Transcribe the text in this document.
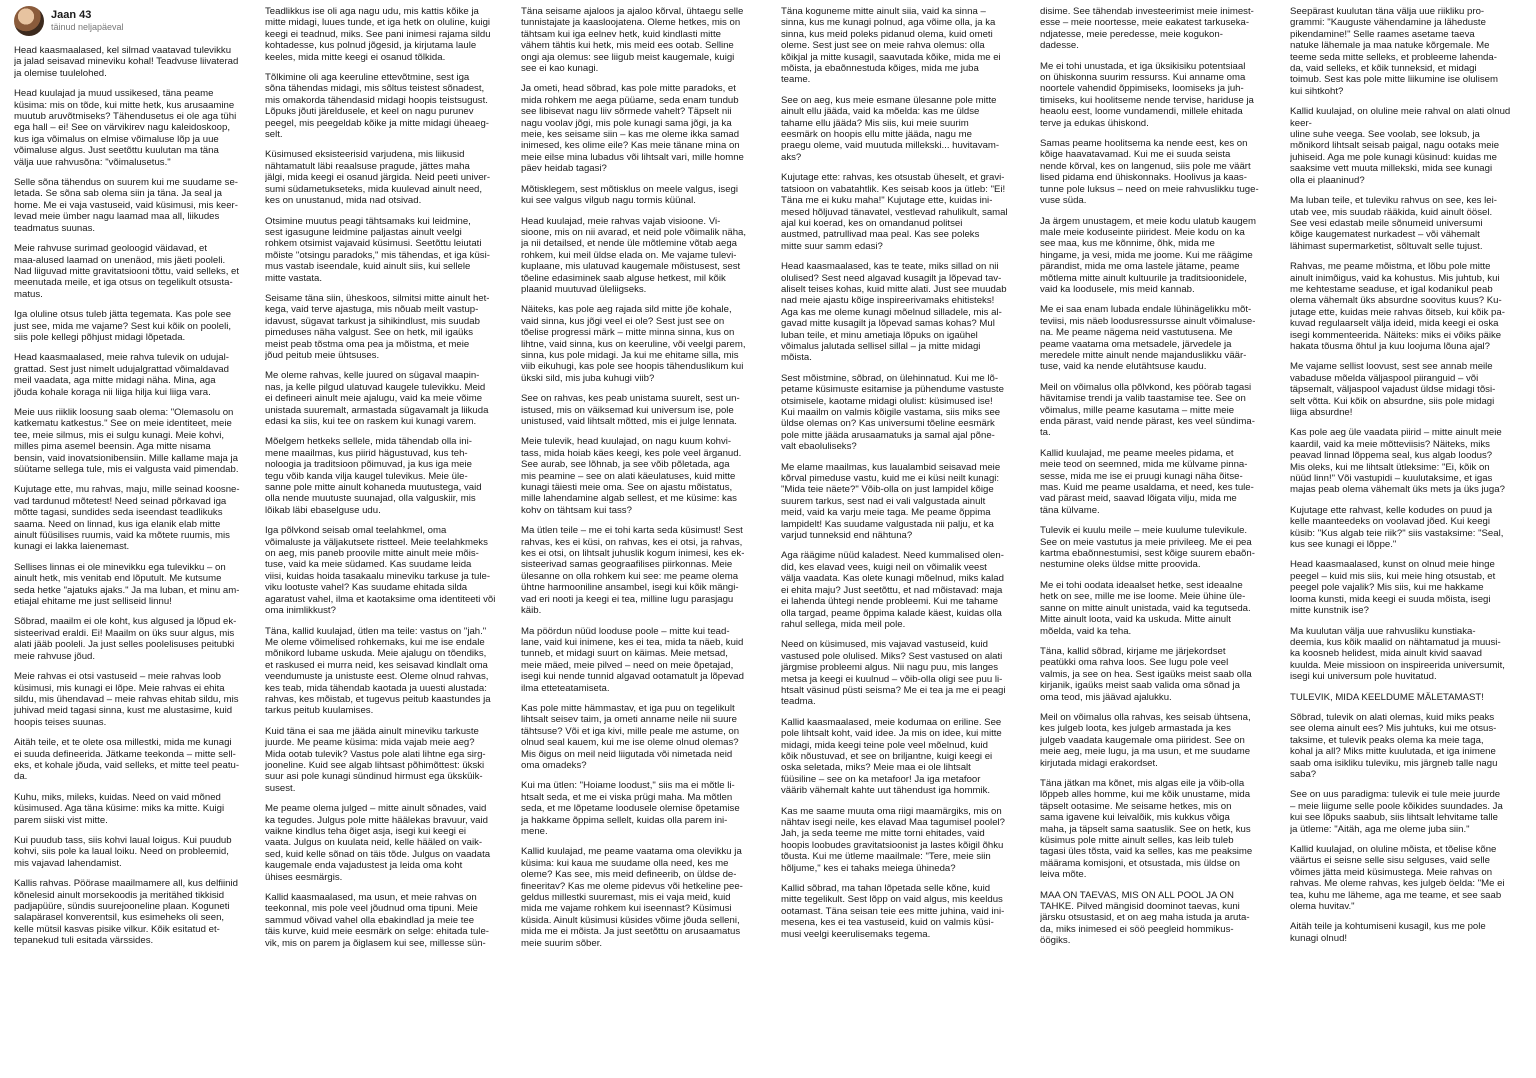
Jaan 43
täinud neljapäeval

Head kaasmaalased, kel silmad vaatavad tulevikku
ja jalad seisavad mineviku kohal! Teadvuse liivaterad
ja olemise tuulelohed.

Head kuulajad ja muud ussikesed, täna peame
küsima: mis on tõde, kui mitte hetk, kus arusaamine
muutub aruvõtmiseks? Tähendusetus ei ole aga tühi
ega hall – ei! See on värvikirev nagu kaleidoskoop,
kus iga võimalus on elmise võimaluse lõp ja uue
võimaluse algus. Just seetõttu kuulutan ma täna
välja uue rahvusõna: "võimalusetus."

Selle sõna tähendus on suurem kui me suudame se-
letada. Se sõna sab olema siin ja täna. Ja seal ja
home. Me ei vaja vastuseid, vaid küsimusi, mis keer-
levad meie ümber nagu laamad maa all, liikudes
teadmatus suunas.

Meie rahvuse surimad geoloogid väidavad, et
maa-alused laamad on unenäod, mis jäeti pooleli.
Nad liiguvad mitte gravitatsiooni tõttu, vaid selleks, et
meenutada meile, et iga otsus on tegelikult otsusta-
matus.

Iga oluline otsus tuleb jätta tegemata. Kas pole see
just see, mida me vajame? Sest kui kõik on pooleli,
siis pole kellegi põhjust midagi lõpetada.

Head kaasmaalased, meie rahva tulevik on udujal-
grattad. Sest just nimelt udujalgrattad võimaldavad
meil vaadata, aga mitte midagi näha. Mina, aga
jõuda kohale koraga nii liiga hilja kui liiga vara.

Meie uus riiklik loosung saab olema: "Olemasolu on
katkematu katkestus." See on meie identiteet, meie
tee, meie silmus, mis ei sulgu kunagi. Meie kohvi,
milles pima asemel beensin. Aga mitte nisama
bensin, vaid inovatsionibensiin. Mille kallame maja ja
süütame sellega tule, mis ei valgusta vaid pimendab.

Kujutage ette, mu rahvas, maju, mille seinad koosne-
vad tardunud mõtetest! Need seinad põrkavad iga
mõtte tagasi, sundides seda iseendast teadlikuks
saama. Need on linnad, kus iga elanik elab mitte
ainult füüsilises ruumis, vaid ka mõtete ruumis, mis
kunagi ei lakka laienemast.

Sellises linnas ei ole minevikku ega tulevikku – on
ainult hetk, mis venitab end lõputult. Me kutsume
seda hetke "ajatuks ajaks." Ja ma luban, et minu am-
etiajal ehitame me just selliseid linnu!

Sõbrad, maailm ei ole koht, kus algused ja lõpud ek-
sisteerivad eraldi. Ei! Maailm on üks suur algus, mis
alati jääb pooleli. Ja just selles poolelisuses peitubki
meie rahvuse jõud.

Meie rahvas ei otsi vastuseid – meie rahvas loob
küsimusi, mis kunagi ei lõpe. Meie rahvas ei ehita
sildu, mis ühendavad – meie rahvas ehitab sildu, mis
juhivad meid tagasi sinna, kust me alustasime, kuid
hoopis teises suunas.

Aitäh teile, et te olete osa millestki, mida me kunagi
ei suuda defineerida. Jätkame teekonda – mitte sell-
eks, et kohale jõuda, vaid selleks, et mitte teel peatu-
da.

Kuhu, miks, mileks, kuidas. Need on vaid mõned
küsimused. Aga täna küsime: miks ka mitte. Kuigi
parem siiski vist mitte.

Kui puudub tass, siis kohvi laual loigus. Kui puudub
kohvi, siis pole ka laual loiku. Need on probleemid,
mis vajavad lahendamist.

Kallis rahvas. Pöörase maailmamere all, kus delfiinid
kõnelesid ainult morsekoodis ja meritähed tikkisid
padjapüüre, sündis suurejooneline plaan. Koguneti
salapärasel konverentsil, kus esimeheks oli seen,
kelle mütsil kasvas pisike vilkur. Kõik esitatud et-
tepanekud tuli esitada värssides.

Teadlikkus ise oli aga nagu udu, mis kattis kõike ja
mitte midagi, luues tunde, et iga hetk on oluline, kuigi
keegi ei teadnud, miks. See pani inimesi rajama sildu
kohtadesse, kus polnud jõgesid, ja kirjutama laule
keeles, mida mitte keegi ei osanud tõlkida.

Tõlkimine oli aga keeruline ettevõtmine, sest iga
sõna tähendas midagi, mis sõltus teistest sõnadest,
mis omakorda tähendasid midagi hoopis teistsugust.
Lõpuks jõuti järeldusele, et keel on nagu purunev
peegel, mis peegeldab kõike ja mitte midagi üheaeg-
selt.

Küsimused eksisteerisid varjudena, mis liikusid
nähtamatult läbi reaalsuse pragude, jättes maha
jälgi, mida keegi ei osanud järgida. Neid peeti univer-
sumi südametukseteks, mida kuulevad ainult need,
kes on unustanud, mida nad otsivad.

Otsimine muutus peagi tähtsamaks kui leidmine,
sest igasugune leidmine paljastas ainult veelgi
rohkem otsimist vajavaid küsimusi. Seetõttu leiutati
mõiste "otsingu paradoks," mis tähendas, et iga küsi-
mus vastab iseendale, kuid ainult siis, kui sellele
mitte vastata.

Seisame täna siin, üheskoos, silmitsi mitte ainult het-
kega, vaid terve ajastuga, mis nõuab meilt vastup-
idavust, sügavat tarkust ja sihikindlust, mis suudab
pimeduses näha valgust. See on hetk, mil igaüks
meist peab tõstma oma pea ja mõistma, et meie
jõud peitub meie ühtsuses.

Me oleme rahvas, kelle juured on sügaval maapin-
nas, ja kelle pilgud ulatuvad kaugele tulevikku. Meid
ei defineeri ainult meie ajalugu, vaid ka meie võime
unistada suuremalt, armastada sügavamalt ja liikuda
edasi ka siis, kui tee on raskem kui kunagi varem.

Mõelgem hetkeks sellele, mida tähendab olla ini-
mene maailmas, kus piirid hägustuvad, kus teh-
noloogia ja traditsioon põimuvad, ja kus iga meie
tegu võib kanda vilja kaugel tulevikus. Meie üle-
sanne pole mitte ainult kohaneda muutustega, vaid
olla nende muutuste suunajad, olla valguskiir, mis
lõikab läbi ebaselguse udu.

Iga põlvkond seisab omal teelahkmel, oma
võimaluste ja väljakutsete ristteel. Meie teelahkmeks
on aeg, mis paneb proovile mitte ainult meie mõis-
tuse, vaid ka meie südamed. Kas suudame leida
viisi, kuidas hoida tasakaalu mineviku tarkuse ja tule-
viku lootuste vahel? Kas suudame ehitada silda
agaratust vahel, ilma et kaotaksime oma identiteeti või
oma inimlikkust?

Täna, kallid kuulajad, ütlen ma teile: vastus on "jah."
Me oleme võimelised rohkemaks, kui me ise endale
mõnikord lubame uskuda. Meie ajalugu on tõendiks,
et raskused ei murra neid, kes seisavad kindlalt oma
veendumuste ja unistuste eest. Oleme olnud rahvas,
kes teab, mida tähendab kaotada ja uuesti alustada:
rahvas, kes mõistab, et tugevus peitub kaastundes ja
tarkus peitub kuulamises.

Kuid täna ei saa me jääda ainult mineviku tarkuste
juurde. Me peame küsima: mida vajab meie aeg?
Mida ootab tulevik? Vastus pole alati lihtne ega sirg-
jooneline. Kuid see algab lihtsast põhimõttest: ükski
suur asi pole kunagi sündinud hirmust ega üksküik-
susest.

Me peame olema julged – mitte ainult sõnades, vaid
ka tegudes. Julgus pole mitte häälekas bravuur, vaid
vaikne kindlus teha õiget asja, isegi kui keegi ei
vaata. Julgus on kuulata neid, kelle hääled on vaik-
sed, kuid kelle sõnad on täis tõde. Julgus on vaadata
kaugemale enda vajadustest ja leida oma koht
ühises eesmärgis.

Kallid kaasmaalased, ma usun, et meie rahvas on
teekonnal, mis pole veel jõudnud oma tipuni. Meie
sammud võivad vahel olla ebakindlad ja meie tee
täis kurve, kuid meie eesmärk on selge: ehitada tule-
vik, mis on parem ja õiglasem kui see, millesse sün-

Täna seisame ajaloos ja ajaloo kõrval, ühtaegu selle
tunnistajate ja kaasloojatena. Oleme hetkes, mis on
tähtsam kui iga eelnev hetk, kuid kindlasti mitte
vähem tähtis kui hetk, mis meid ees ootab. Selline
ongi aja olemus: see liigub meist kaugemale, kuigi
see ei kao kunagi.

Ja ometi, head sõbrad, kas pole mitte paradoks, et
mida rohkem me aega püüame, seda enam tundub
see libisevat nagu liiv sõrmede vahelt? Täpselt nii
nagu voolav jõgi, mis pole kunagi sama jõgi, ja ka
meie, kes seisame siin – kas me oleme ikka samad
inimesed, kes olime eile? Kas meie tänane mina on
meie eilse mina lubadus või lihtsalt vari, mille homne
päev heidab tagasi?

Mõtisklegem, sest mõtisklus on meele valgus, isegi
kui see valgus vilgub nagu tormis küünal.

Head kuulajad, meie rahvas vajab visioone. Vi-
sioone, mis on nii avarad, et neid pole võimalik näha,
ja nii detailsed, et nende üle mõtlemine võtab aega
rohkem, kui meil üldse elada on. Me vajame tulevi-
kuplaane, mis ulatuvad kaugemale mõistusest, sest
tõeline edasiminek saab alguse hetkest, mil kõik
plaanid muutuvad üleliigseks.

Näiteks, kas pole aeg rajada sild mitte jõe kohale,
vaid sinna, kus jõgi veel ei ole? Sest just see on
tõelise progressi märk – mitte minna sinna, kus on
lihtne, vaid sinna, kus on keeruline, või veelgi parem,
sinna, kus pole midagi. Ja kui me ehitame silla, mis
viib eikuhugi, kas pole see hoopis tähenduslikum kui
ükski sild, mis juba kuhugi viib?

See on rahvas, kes peab unistama suurelt, sest un-
istused, mis on väiksemad kui universum ise, pole
unistused, vaid lihtsalt mõtted, mis ei julge lennata.

Meie tulevik, head kuulajad, on nagu kuum kohvi-
tass, mida hoiab käes keegi, kes pole veel ärganud.
See aurab, see lõhnab, ja see võib põletada, aga
mis peamine – see on alati käeulatuses, kuid mitte
kunagi täiesti meie oma. See on ajastu mõistatus,
mille lahendamine algab sellest, et me küsime: kas
kohv on tähtsam kui tass?

Ma ütlen teile – me ei tohi karta seda küsimust! Sest
rahvas, kes ei küsi, on rahvas, kes ei otsi, ja rahvas,
kes ei otsi, on lihtsalt juhuslik kogum inimesi, kes ek-
sisteerivad samas geograafilises piirkonnas. Meie
ülesanne on olla rohkem kui see: me peame olema
ühtne harmooniline ansambel, isegi kui kõik mängi-
vad eri nooti ja keegi ei tea, milline lugu parasjagu
käib.

Ma pöördun nüüd looduse poole – mitte kui tead-
lane, vaid kui inimene, kes ei tea, mida ta näeb, kuid
tunneb, et midagi suurt on käimas. Meie metsad,
meie mäed, meie pilved – need on meie õpetajad,
isegi kui nende tunnid algavad ootamatult ja lõpevad
ilma etteteatamiseta.

Kas pole mitte hämmastav, et iga puu on tegelikult
lihtsalt seisev taim, ja ometi anname neile nii suure
tähtsuse? Või et iga kivi, mille peale me astume, on
olnud seal kauem, kui me ise oleme olnud olemas?
Mis õigus on meil neid liigutada või nimetada neid
oma omadeks?

Kui ma ütlen: "Hoiame loodust," siis ma ei mõtle li-
htsalt seda, et me ei viska prügi maha. Ma mõtlen
seda, et me lõpetame loodusele olemise õpetamise
ja hakkame õppima sellelt, kuidas olla parem ini-
mene.

Kallid kuulajad, me peame vaatama oma olevikku ja
küsima: kui kaua me suudame olla need, kes me
oleme? Kas see, mis meid defineerib, on üldse de-
fineeritav? Kas me oleme pidevus või hetkeline pee-
geldus millestki suuremast, mis ei vaja meid, kuid
mida me vajame rohkem kui iseennast? Küsimusi
küsida. Ainult küsimusi küsides võime jõuda selleni,
mida me ei mõista. Ja just seetõttu on arusaamatus
meie suurim sõber.

Täna koguneme mitte ainult siia, vaid ka sinna –
sinna, kus me kunagi polnud, aga võime olla, ja ka
sinna, kus meid poleks pidanud olema, kuid ometi
oleme. Sest just see on meie rahva olemus: olla
kõikjal ja mitte kusagil, saavutada kõike, mida me ei
mõista, ja ebaõnnestuda kõiges, mida me juba
teame.

See on aeg, kus meie esmane ülesanne pole mitte
ainult ellu jääda, vaid ka mõelda: kas me üldse
tahame ellu jääda? Mis siis, kui meie suurim
eesmärk on hoopis ellu mitte jääda, nagu me
praegu oleme, vaid muutuda millekski... huvitavam-
aks?

Kujutage ette: rahvas, kes otsustab üheselt, et gravi-
tatsioon on vabatahtlik. Kes seisab koos ja ütleb: "Ei!
Täna me ei kuku maha!" Kujutage ette, kuidas ini-
mesed hõljuvad tänavatel, vestlevad rahulikult, samal
ajal kui koerad, kes on omandanud politsei
austmed, patrullivad maa peal. Kas see poleks
mitte suur samm edasi?

Head kaasmaalased, kas te teate, miks sillad on nii
olulised? Sest need algavad kusagilt ja lõpevad tav-
aliselt teises kohas, kuid mitte alati. Just see muudab
nad meie ajastu kõige inspireerivamaks ehitisteks!
Aga kas me oleme kunagi mõelnud silladele, mis al-
gavad mitte kusagilt ja lõpevad samas kohas? Mul
luban teile, et minu ametiaja lõpuks on igaühel
võimalus jalutada sellisel sillal – ja mitte midagi
mõista.

Sest mõistmine, sõbrad, on ülehinnatud. Kui me lõ-
petame küsimuste esitamise ja pühendume vastuste
otsimisele, kaotame midagi olulist: küsimused ise!
Kui maailm on valmis kõigile vastama, siis miks see
üldse olemas on? Kas universumi tõeline eesmärk
pole mitte jääda arusaamatuks ja samal ajal põne-
valt ebaoluliseks?

Me elame maailmas, kus laualambid seisavad meie
kõrval pimeduse vastu, kuid me ei küsi neilt kunagi:
"Mida teie näete?" Võib-olla on just lampidel kõige
suurem tarkus, sest nad ei vali valgustada ainult
meid, vaid ka varju meie taga. Me peame õppima
lampidelt! Kas suudame valgustada nii palju, et ka
varjud tunneksid end nähtuna?

Aga räägime nüüd kaladest. Need kummalised olen-
did, kes elavad vees, kuigi neil on võimalik veest
välja vaadata. Kas olete kunagi mõelnud, miks kalad
ei ehita maju? Just seetõttu, et nad mõistavad: maja
ei lahenda ühtegi nende probleemi. Kui me tahame
olla targad, peame õppima kalade käest, kuidas olla
rahul sellega, mida meil pole.

Need on küsimused, mis vajavad vastuseid, kuid
vastused pole olulised. Miks? Sest vastused on alati
järgmise probleemi algus. Nii nagu puu, mis langes
metsa ja keegi ei kuulnud – võib-olla oligi see puu li-
htsalt väsinud püsti seisma? Me ei tea ja me ei peagi
teadma.

Kallid kaasmaalased, meie kodumaa on eriline. See
pole lihtsalt koht, vaid idee. Ja mis on idee, kui mitte
midagi, mida keegi teine pole veel mõelnud, kuid
kõik nõustuvad, et see on briljantne, kuigi keegi ei
oska seletada, miks? Meie maa ei ole lihtsalt
füüsiline – see on ka metafoor! Ja iga metafoor
väärib vähemalt kahte uut tähendust iga hommik.

Kas me saame muuta oma riigi maamärgiks, mis on
nähtav isegi neile, kes elavad Maa tagumisel poolel?
Jah, ja seda teeme me mitte torni ehitades, vaid
hoopis loobudes gravitatsioonist ja lastes kõigil õhku
tõusta. Kui me ütleme maailmale: "Tere, meie siin
hõljume," kes ei tahaks meiega ühineda?

Kallid sõbrad, ma tahan lõpetada selle kõne, kuid
mitte tegelikult. Sest lõpp on vaid algus, mis keeldus
ootamast. Täna seisan teie ees mitte juhina, vaid ini-
mesena, kes ei tea vastuseid, kuid on valmis küsi-
musi veelgi keerulisemaks tegema.

disime. See tähendab investeerimist meie inimest-
esse – meie noortesse, meie eakatest tarkuseka-
ndjatesse, meie peredesse, meie kogukon-
dadesse.

Me ei tohi unustada, et iga üksikisiku potentsiaal
on ühiskonna suurim ressurss. Kui anname oma
noortele vahendid õppimiseks, loomiseks ja juh-
timiseks, kui hoolitseme nende tervise, hariduse ja
heaolu eest, loome vundamendi, millele ehitada
terve ja edukas ühiskond.

Samas peame hoolitsema ka nende eest, kes on
kõige haavatavamad. Kui me ei suuda seista
nende kõrval, kes on langenud, siis pole me väärt
lised pidama end ühiskonnaks. Hoolivus ja kaas-
tunne pole luksus – need on meie rahvuslikku tuge-
vuse süda.

Ja ärgem unustagem, et meie kodu ulatub kaugem
male meie koduseinte piiridest. Meie kodu on ka
see maa, kus me kõnnime, õhk, mida me
hingame, ja vesi, mida me joome. Kui me räägime
pärandist, mida me oma lastele jätame, peame
mõtlema mitte ainult kultuurile ja traditsioonidele,
vaid ka loodusele, mis meid kannab.

Me ei saa enam lubada endale lühinägelikku mõt-
teviisi, mis näeb loodusressursse ainult võimaluse-
na. Me peame nägema neid vastutusena. Me
peame vaatama oma metsadele, järvedele ja
meredele mitte ainult nende majanduslikku väär-
tuse, vaid ka nende elutähtsuse kaudu.

Meil on võimalus olla põlvkond, kes pöörab tagasi
hävitamise trendi ja valib taastamise tee. See on
võimalus, mille peame kasutama – mitte meie
enda pärast, vaid nende pärast, kes veel sündima-
ta.

Kallid kuulajad, me peame meeles pidama, et
meie teod on seemned, mida me külvame pinna-
sesse, mida me ise ei pruugi kunagi näha õitse-
mas. Kuid me peame usaldama, et need, kes tule-
vad pärast meid, saavad lõigata vilju, mida me
täna külvame.

Tulevik ei kuulu meile – meie kuulume tulevikule.
See on meie vastutus ja meie privileeg. Me ei pea
kartma ebaõnnestumisi, sest kõige suurem ebaõn-
nestumine oleks üldse mitte proovida.

Me ei tohi oodata ideaalset hetke, sest ideaalne
hetk on see, mille me ise loome. Meie ühine üle-
sanne on mitte ainult unistada, vaid ka tegutseda.
Mitte ainult loota, vaid ka uskuda. Mitte ainult
mõelda, vaid ka teha.

Täna, kallid sõbrad, kirjame me järjekordset
peatükki oma rahva loos. See lugu pole veel
valmis, ja see on hea. Sest igaüks meist saab olla
kirjanik, igaüks meist saab valida oma sõnad ja
oma teod, mis jäävad ajalukku.

Meil on võimalus olla rahvas, kes seisab ühtsena,
kes julgeb loota, kes julgeb armastada ja kes
julgeb vaadata kaugemale oma piiridest. See on
meie aeg, meie lugu, ja ma usun, et me suudame
kirjutada midagi erakordset.

Täna jätkan ma kõnet, mis algas eile ja võib-olla
lõppeb alles homme, kui me kõik unustame, mida
täpselt ootasime. Me seisame hetkes, mis on
sama igavene kui leivalõik, mis kukkus võiga
maha, ja täpselt sama saatuslik. See on hetk, kus
küsimus pole mitte ainult selles, kas leib tuleb
tagasi üles tõsta, vaid ka selles, kas me peaksime
määrama komisjoni, et otsustada, mis üldse on
leiva mõte.

MAA ON TAEVAS, MIS ON ALL POOL JA ON
TAHKE. Pilved mängisid doominot taevas, kuni
järsku otsustasid, et on aeg maha istuda ja aruta-
da, miks inimesed ei söö peegleid hommikus-
öögiks.

Seepärast kuulutan täna välja uue riikliku pro-
grammi: "Kauguste vähendamine ja läheduste
pikendamine!" Selle raames asetame taeva
natuke lähemale ja maa natuke kõrgemale. Me
teeme seda mitte selleks, et probleeme lahenda-
da, vaid selleks, et kõik tunneksid, et midagi
toimub. Sest kas pole mitte liikumine ise olulisem
kui sihtkoht?

Kallid kuulajad, on oluline meie rahval on alati olnud keer-
uline suhe veega. See voolab, see loksub, ja
mõnikord lihtsalt seisab paigal, nagu ootaks meie
juhiseid. Aga me pole kunagi küsinud: kuidas me
saaksime vett muuta millekski, mida see kunagi
olla ei plaaninud?

Ma luban teile, et tuleviku rahvus on see, kes lei-
utab vee, mis suudab rääkida, kuid ainult öösel.
See vesi edastab meile sõnumeid universumi
kõige kaugematest nurkadest – või vähemalt
lähimast supermarketist, sõltuvalt selle tujust.

Rahvas, me peame mõistma, et lõbu pole mitte
ainult inimõigus, vaid ka kohustus. Mis juhtub, kui
me kehtestame seaduse, et igal kodanikul peab
olema vähemalt üks absurdne soovitus kuus? Ku-
jutage ette, kuidas meie rahvas õitseb, kui kõik pa-
kuvad regulaarselt välja ideid, mida keegi ei oska
isegi kommenteerida. Näiteks: miks ei võiks päike
hakata tõusma õhtul ja kuu loojuma lõuna ajal?

Me vajame sellist loovust, sest see annab meile
vabaduse mõelda väljaspool piiranguid – või
täpsemalt, väljaspool vajadust üldse midagi tõsi-
selt võtta. Kui kõik on absurdne, siis pole midagi
liiga absurdne!

Kas pole aeg üle vaadata piirid – mitte ainult meie
kaardil, vaid ka meie mõtteviisis? Näiteks, miks
peavad linnad lõppema seal, kus algab loodus?
Mis oleks, kui me lihtsalt ütleksime: "Ei, kõik on
nüüd linn!" Või vastupidi – kuulutaksime, et igas
majas peab olema vähemalt üks mets ja üks juga?

Kujutage ette rahvast, kelle kodudes on puud ja
kelle maanteedeks on voolavad jõed. Kui keegi
küsib: "Kus algab teie riik?" siis vastaksime: "Seal,
kus see kunagi ei lõppe."

Head kaasmaalased, kunst on olnud meie hinge
peegel – kuid mis siis, kui meie hing otsustab, et
peegel pole vajalik? Mis siis, kui me hakkame
looma kunsti, mida keegi ei suuda mõista, isegi
mitte kunstnik ise?

Ma kuulutan välja uue rahvusliku kunstiaka-
deemia, kus kõik maalid on nähtamatud ja muusi-
ka koosneb helidest, mida ainult kivid saavad
kuulda. Meie missioon on inspireerida universumit,
isegi kui universum pole huvitatud.

TULEVIK, MIDA KEELDUME MÄLETAMAST!

Sõbrad, tulevik on alati olemas, kuid miks peaks
see olema ainult ees? Mis juhtuks, kui me otsus-
taksime, et tulevik peaks olema ka meie taga,
kohal ja all? Miks mitte kuulutada, et iga inimene
saab oma isikliku tuleviku, mis järgneb talle nagu
saba?

See on uus paradigma: tulevik ei tule meie juurde
– meie liigume selle poole kõikides suundades. Ja
kui see lõpuks saabub, siis lihtsalt lehvitame talle
ja ütleme: "Aitäh, aga me oleme juba siin."

Kallid kuulajad, on oluline mõista, et tõelise kõne
väärtus ei seisne selle sisu selguses, vaid selle
võimes jätta meid küsimustega. Meie rahvas on
rahvas. Me oleme rahvas, kes julgeb öelda: "Me ei
tea, kuhu me läheme, aga me teame, et see saab
olema huvitav."

Aitäh teile ja kohtumiseni kusagil, kus me pole
kunagi olnud!
